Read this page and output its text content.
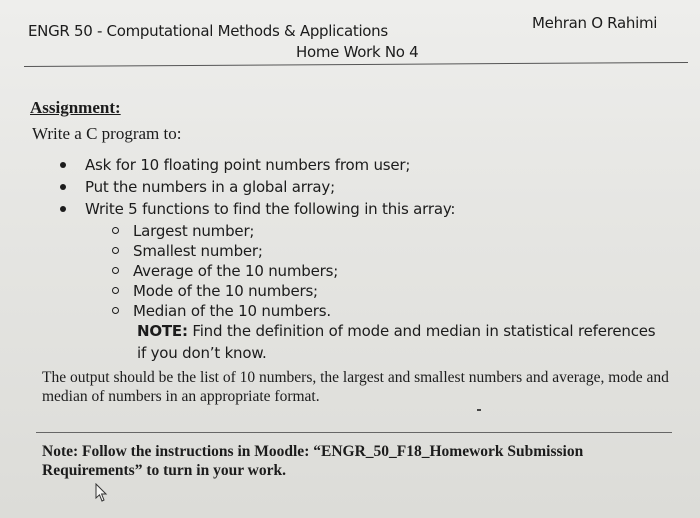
ENGR 50 - Computational Methods & Applications	Mehran O Rahimi
Home Work No 4
Assignment:
Write a C program to:
Ask for 10 floating point numbers from user;
Put the numbers in a global array;
Write 5 functions to find the following in this array:
Largest number;
Smallest number;
Average of the 10 numbers;
Mode of the 10 numbers;
Median of the 10 numbers.
NOTE: Find the definition of mode and median in statistical references if you don’t know.
The output should be the list of 10 numbers, the largest and smallest numbers and average, mode and median of numbers in an appropriate format.
Note: Follow the instructions in Moodle: “ENGR_50_F18_Homework Submission Requirements” to turn in your work.
